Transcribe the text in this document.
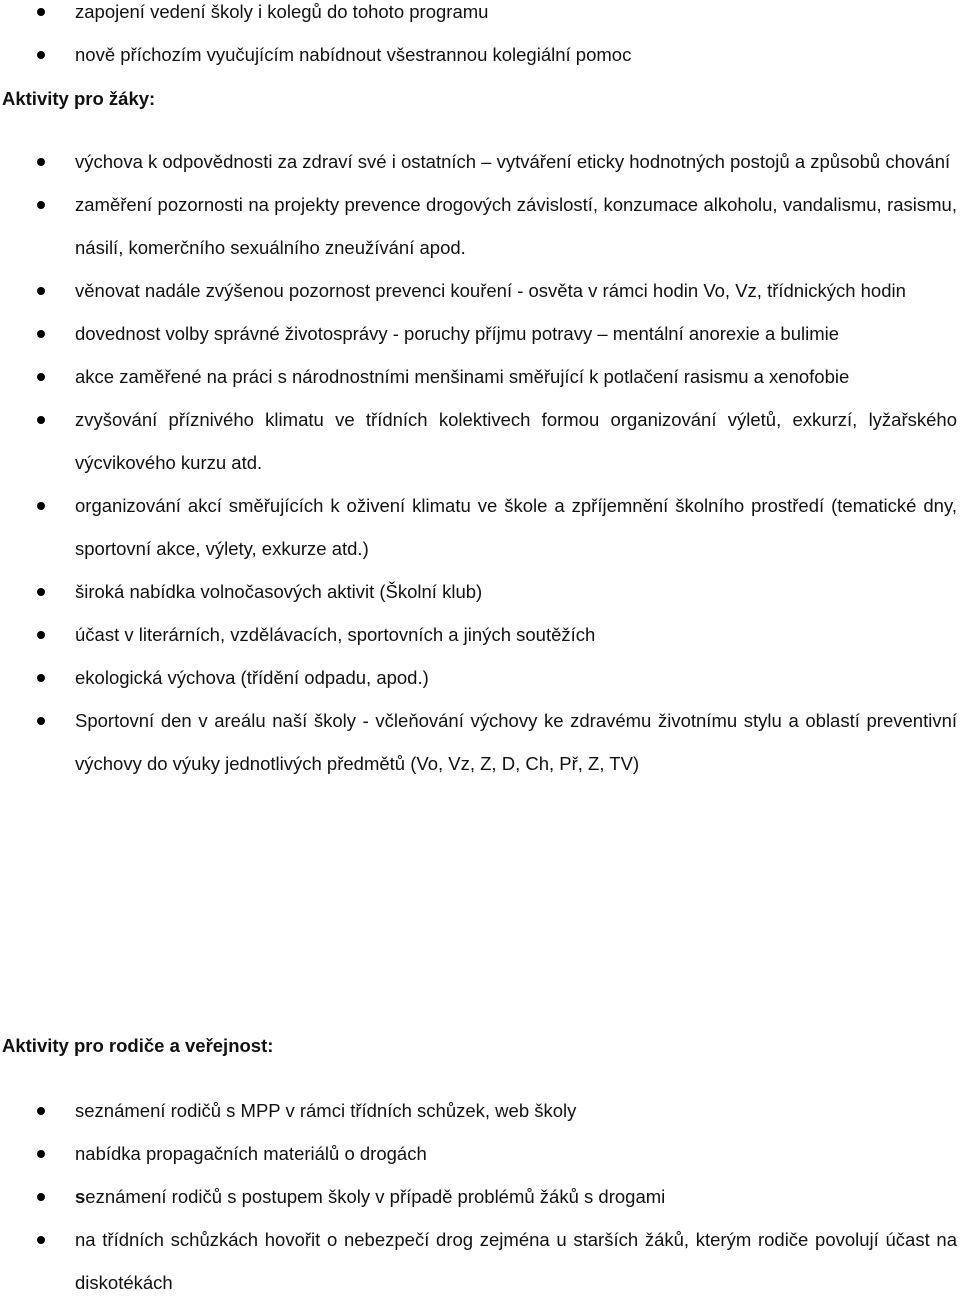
zapojení vedení školy i kolegů do tohoto programu
nově příchozím vyučujícím nabídnout všestrannou kolegiální pomoc
Aktivity pro žáky:
výchova k odpovědnosti za zdraví své i ostatních – vytváření eticky hodnotných postojů a způsobů chování
zaměření pozornosti na projekty prevence drogových závislostí, konzumace alkoholu, vandalismu, rasismu, násilí, komerčního sexuálního zneužívání apod.
věnovat nadále zvýšenou pozornost prevenci kouření - osvěta v rámci hodin Vo, Vz, třídnických hodin
dovednost volby správné životosprávy - poruchy příjmu potravy – mentální anorexie a bulimie
akce zaměřené na práci s národnostními menšinami směřující k potlačení rasismu a xenofobie
zvyšování příznivého klimatu ve třídních kolektivech formou organizování výletů, exkurzí, lyžařského výcvikového kurzu atd.
organizování akcí směřujících k oživení klimatu ve škole a zpříjemnění školního prostředí (tematické dny, sportovní akce, výlety, exkurze atd.)
široká nabídka volnočasových aktivit (Školní klub)
účast v literárních, vzdělávacích, sportovních a jiných soutěžích
ekologická výchova (třídění odpadu, apod.)
Sportovní den v areálu naší školy - včleňování výchovy ke zdravému životnímu stylu a oblastí preventivní výchovy do výuky jednotlivých předmětů (Vo, Vz, Z, D, Ch, Př, Z, TV)
Aktivity pro rodiče a veřejnost:
seznámení rodičů s MPP v rámci třídních schůzek, web školy
nabídka propagačních materiálů o drogách
seznámení rodičů s postupem školy v případě problémů žáků s drogami
na třídních schůzkách hovořit o nebezpečí drog zejména u starších žáků, kterým rodiče povolují účast na diskotékách
